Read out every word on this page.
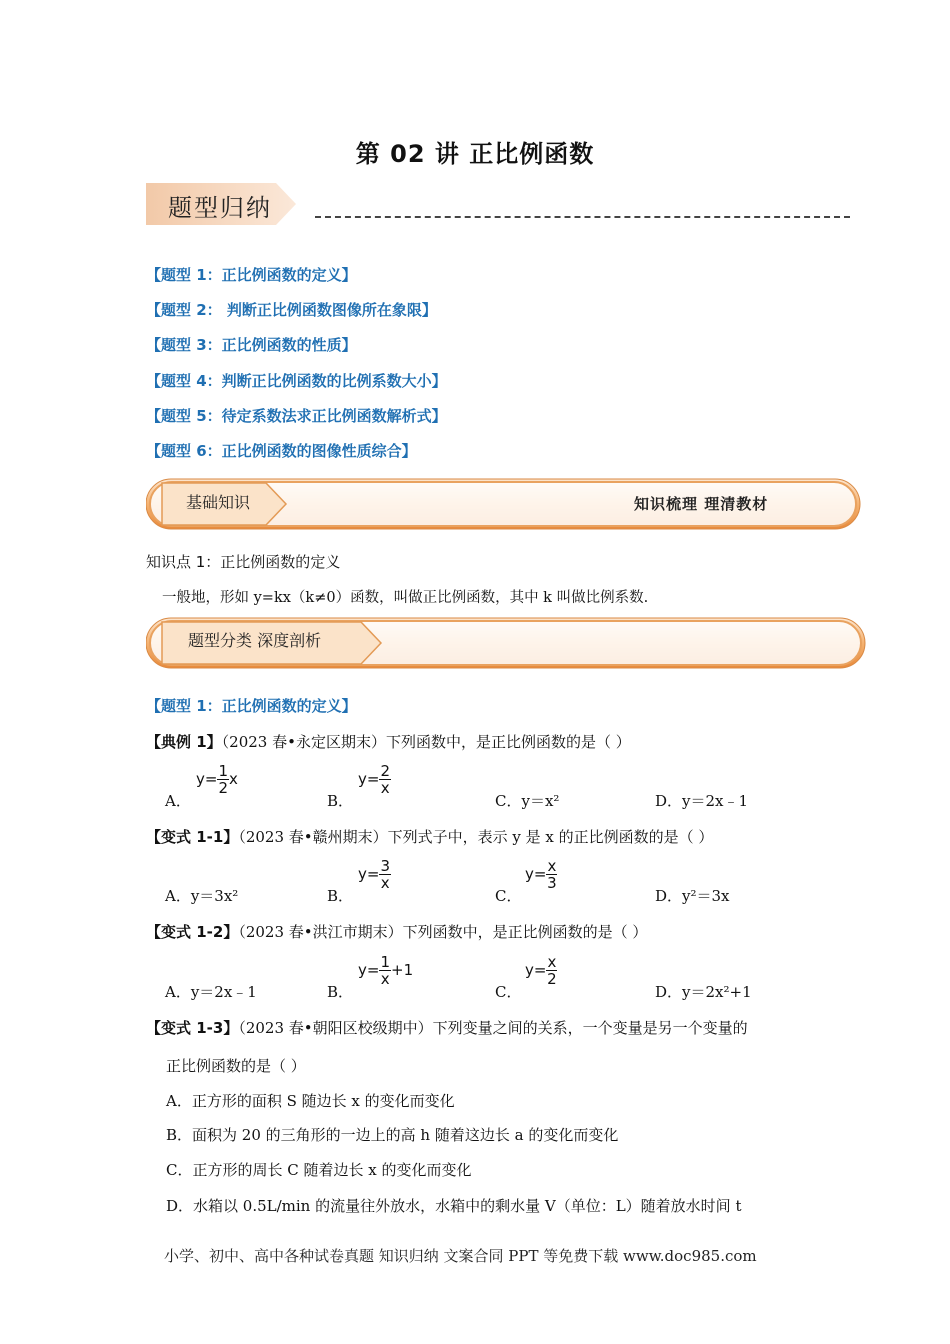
第 02 讲 正比例函数
题型归纳
【题型 1：正比例函数的定义】
【题型 2： 判断正比例函数图像所在象限】
【题型 3：正比例函数的性质】
【题型 4：判断正比例函数的比例系数大小】
【题型 5：待定系数法求正比例函数解析式】
【题型 6：正比例函数的图像性质综合】
基础知识	知识梳理 理清教材
知识点 1：正比例函数的定义
一般地，形如 y=kx（k≠0）函数，叫做正比例函数，其中 k 叫做比例系数.
题型分类 深度剖析
【题型 1：正比例函数的定义】
【典例 1】（2023 春•永定区期末）下列函数中，是正比例函数的是（ ）
A．
$y= \frac{1}{2}$ x
B．
$y= \frac{2}{x}$
C．y＝x²	D．y＝2x﹣1
【变式 1-1】（2023 春•赣州期末）下列式子中，表示 y 是 x 的正比例函数的是（ ）
A．y＝3x²	B．
$y= \frac{3}{x}$
C．
$y= \frac{x}{3}$
D．y²＝3x
【变式 1-2】（2023 春•洪江市期末）下列函数中，是正比例函数的是（ ）
A．y＝2x﹣1	B．
$y= \frac{1}{x} +1$
C．
$y= \frac{x}{2}$
D．y＝2x²+1
【变式 1-3】（2023 春•朝阳区校级期中）下列变量之间的关系，一个变量是另一个变量的
正比例函数的是（ ）
A．正方形的面积 S 随边长 x 的变化而变化
B．面积为 20 的三角形的一边上的高 h 随着这边长 a 的变化而变化
C．正方形的周长 C 随着边长 x 的变化而变化
D．水箱以 0.5L/min 的流量往外放水，水箱中的剩水量 V（单位：L）随着放水时间 t
小学、初中、高中各种试卷真题 知识归纳 文案合同 PPT 等免费下载 www.doc985.com
